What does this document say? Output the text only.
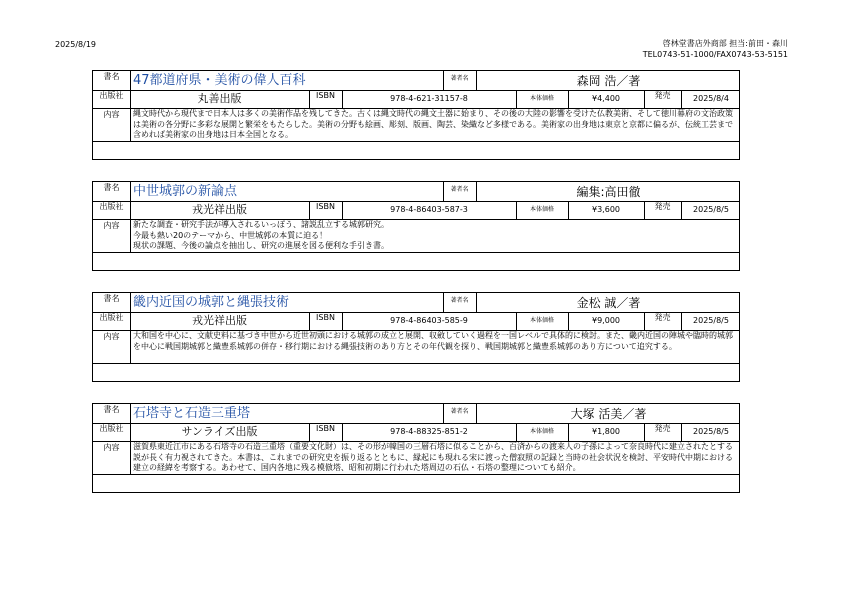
2025/8/19	啓林堂書店外商部 担当:前田・森川
TEL0743-51-1000/FAX0743-53-5151
書名	47都道府県・美術の偉人百科	著者名	森岡 浩／著
出版社	丸善出版	ISBN	978-4-621-31157-8	本体価格	¥4,400	発売	2025/8/4
内容	縄文時代から現代まで日本人は多くの美術作品を残してきた。古くは縄文時代の縄文土器に始まり、その後の大陸の影響を受けた仏教美術、そして徳川幕府の文治政策は美術の各分野に多彩な展開と繁栄をもたらした。美術の分野も絵画、彫刻、版画、陶芸、染織など多様である。美術家の出身地は東京と京都に偏るが、伝統工芸まで含めれば美術家の出身地は日本全国となる。
書名	中世城郭の新論点	著者名	編集:高田徹
出版社	戎光祥出版	ISBN	978-4-86403-587-3	本体価格	¥3,600	発売	2025/8/5
内容	新たな調査・研究手法が導入されるいっぽう、諸説乱立する城郭研究。
今最も熱い20のテーマから、中世城郭の本質に迫る！
現状の課題、今後の論点を抽出し、研究の進展を図る便利な手引き書。
書名	畿内近国の城郭と縄張技術	著者名	金松 誠／著
出版社	戎光祥出版	ISBN	978-4-86403-585-9	本体価格	¥9,000	発売	2025/8/5
内容	大和国を中心に、文献史料に基づき中世から近世初頭における城郭の成立と展開、収斂していく過程を一国レベルで具体的に検討。また、畿内近国の陣城や臨時的城郭を中心に戦国期城郭と織豊系城郭の併存・移行期における縄張技術のあり方とその年代観を探り、戦国期城郭と織豊系城郭のあり方について追究する。
書名	石塔寺と石造三重塔	著者名	大塚 活美／著
出版社	サンライズ出版	ISBN	978-4-88325-851-2	本体価格	¥1,800	発売	2025/8/5
内容	滋賀県東近江市にある石塔寺の石造三重塔（重要文化財）は、その形が韓国の三層石塔に似ることから、百済からの渡来人の子孫によって奈良時代に建立されたとする説が長く有力視されてきた。本書は、これまでの研究史を振り返るとともに、縁起にも現れる宋に渡った僧寂照の記録と当時の社会状況を検討、平安時代中期における建立の経緯を考察する。あわせて、国内各地に残る模倣塔、昭和初期に行われた塔周辺の石仏・石塔の整理についても紹介。
